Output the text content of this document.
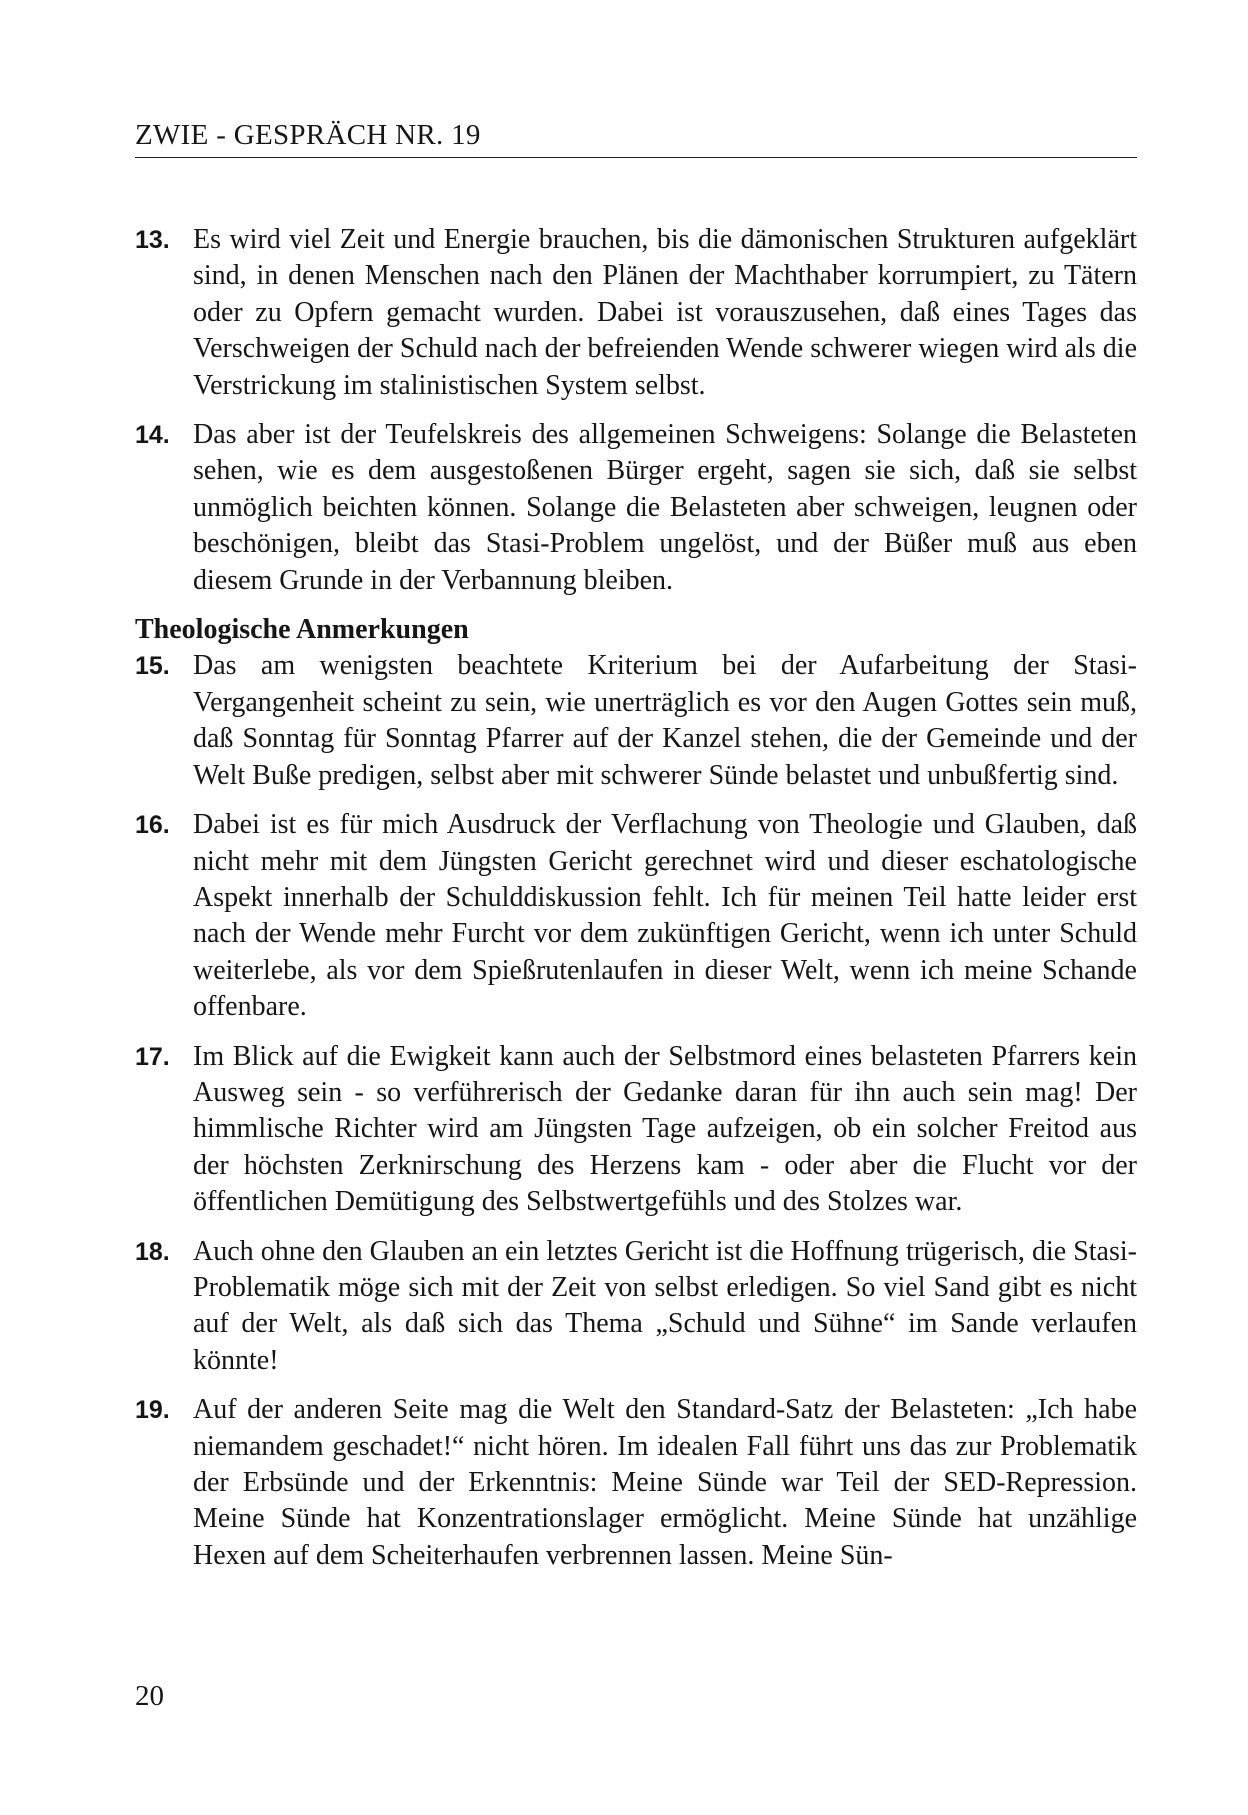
ZWIE - GESPRÄCH NR. 19
13. Es wird viel Zeit und Energie brauchen, bis die dämonischen Strukturen aufgeklärt sind, in denen Menschen nach den Plänen der Machthaber korrumpiert, zu Tätern oder zu Opfern gemacht wurden. Dabei ist vorauszusehen, daß eines Tages das Verschweigen der Schuld nach der befreienden Wende schwerer wiegen wird als die Verstrickung im stalinistischen System selbst.
14. Das aber ist der Teufelskreis des allgemeinen Schweigens: Solange die Belasteten sehen, wie es dem ausgestoßenen Bürger ergeht, sagen sie sich, daß sie selbst unmöglich beichten können. Solange die Belasteten aber schweigen, leugnen oder beschönigen, bleibt das Stasi-Problem ungelöst, und der Büßer muß aus eben diesem Grunde in der Verbannung bleiben.
Theologische Anmerkungen
15. Das am wenigsten beachtete Kriterium bei der Aufarbeitung der Stasi-Vergangenheit scheint zu sein, wie unerträglich es vor den Augen Gottes sein muß, daß Sonntag für Sonntag Pfarrer auf der Kanzel stehen, die der Gemeinde und der Welt Buße predigen, selbst aber mit schwerer Sünde belastet und unbußfertig sind.
16. Dabei ist es für mich Ausdruck der Verflachung von Theologie und Glauben, daß nicht mehr mit dem Jüngsten Gericht gerechnet wird und dieser eschatologische Aspekt innerhalb der Schulddiskussion fehlt. Ich für meinen Teil hatte leider erst nach der Wende mehr Furcht vor dem zukünftigen Gericht, wenn ich unter Schuld weiterlebe, als vor dem Spießrutenlaufen in dieser Welt, wenn ich meine Schande offenbare.
17. Im Blick auf die Ewigkeit kann auch der Selbstmord eines belasteten Pfarrers kein Ausweg sein - so verführerisch der Gedanke daran für ihn auch sein mag! Der himmlische Richter wird am Jüngsten Tage aufzeigen, ob ein solcher Freitod aus der höchsten Zerknirschung des Herzens kam - oder aber die Flucht vor der öffentlichen Demütigung des Selbstwertgefühls und des Stolzes war.
18. Auch ohne den Glauben an ein letztes Gericht ist die Hoffnung trügerisch, die Stasi-Problematik möge sich mit der Zeit von selbst erledigen. So viel Sand gibt es nicht auf der Welt, als daß sich das Thema „Schuld und Sühne“ im Sande verlaufen könnte!
19. Auf der anderen Seite mag die Welt den Standard-Satz der Belasteten: „Ich habe niemandem geschadet!“ nicht hören. Im idealen Fall führt uns das zur Problematik der Erbsünde und der Erkenntnis: Meine Sünde war Teil der SED-Repression. Meine Sünde hat Konzentrationslager ermöglicht. Meine Sünde hat unzählige Hexen auf dem Scheiterhaufen verbrennen lassen. Meine Sün-
20
